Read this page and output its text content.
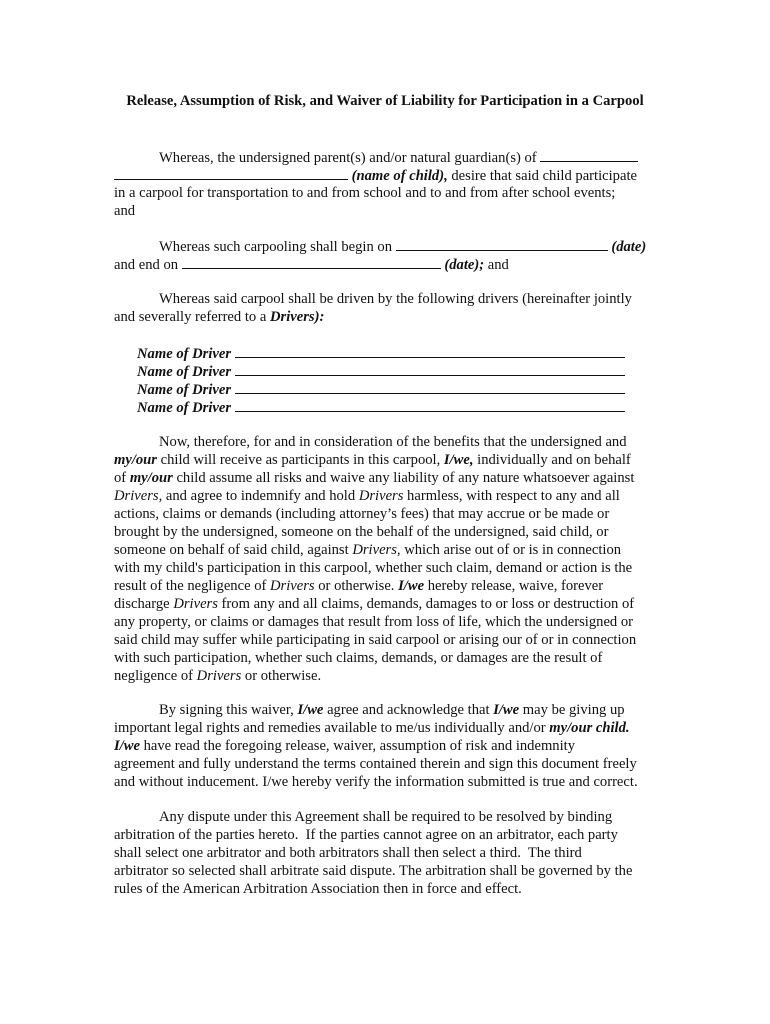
Release, Assumption of Risk, and Waiver of Liability for Participation in a Carpool
Whereas, the undersigned parent(s) and/or natural guardian(s) of
(name of child), desire that said child participate
in a carpool for transportation to and from school and to and from after school events;
and
Whereas such carpooling shall begin on	(date)
and end on	(date); and
Whereas said carpool shall be driven by the following drivers (hereinafter jointly
and severally referred to a Drivers):
Name of Driver
Name of Driver
Name of Driver
Name of Driver
Now, therefore, for and in consideration of the benefits that the undersigned and
my/our child will receive as participants in this carpool, I/we, individually and on behalf
of my/our child assume all risks and waive any liability of any nature whatsoever against
Drivers, and agree to indemnify and hold Drivers harmless, with respect to any and all
actions, claims or demands (including attorney’s fees) that may accrue or be made or
brought by the undersigned, someone on the behalf of the undersigned, said child, or
someone on behalf of said child, against Drivers, which arise out of or is in connection
with my child's participation in this carpool, whether such claim, demand or action is the
result of the negligence of Drivers or otherwise. I/we hereby release, waive, forever
discharge Drivers from any and all claims, demands, damages to or loss or destruction of
any property, or claims or damages that result from loss of life, which the undersigned or
said child may suffer while participating in said carpool or arising our of or in connection
with such participation, whether such claims, demands, or damages are the result of
negligence of Drivers or otherwise.
By signing this waiver, I/we agree and acknowledge that I/we may be giving up
important legal rights and remedies available to me/us individually and/or my/our child.
I/we have read the foregoing release, waiver, assumption of risk and indemnity
agreement and fully understand the terms contained therein and sign this document freely
and without inducement. I/we hereby verify the information submitted is true and correct.
Any dispute under this Agreement shall be required to be resolved by binding
arbitration of the parties hereto.  If the parties cannot agree on an arbitrator, each party
shall select one arbitrator and both arbitrators shall then select a third.  The third
arbitrator so selected shall arbitrate said dispute. The arbitration shall be governed by the
rules of the American Arbitration Association then in force and effect.
